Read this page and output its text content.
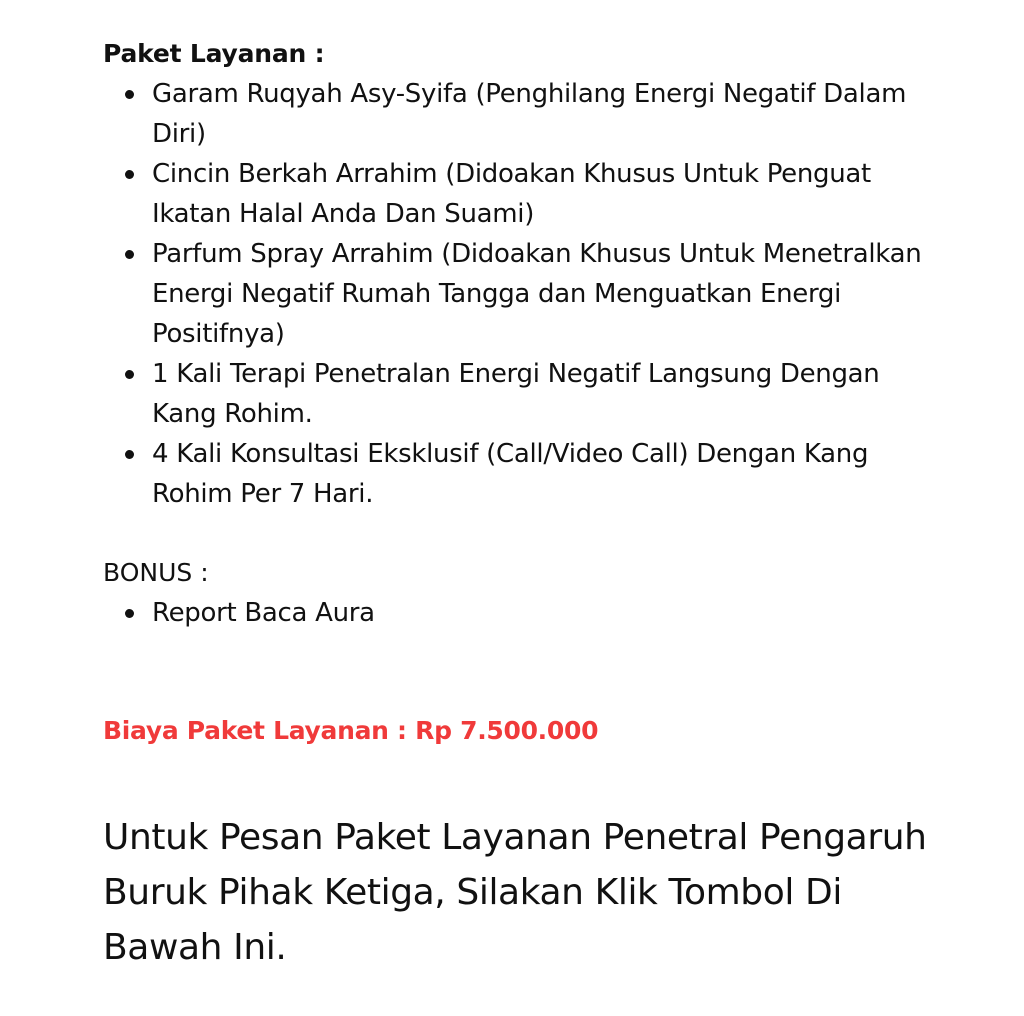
Paket Layanan :

Garam Ruqyah Asy-Syifa (Penghilang Energi Negatif Dalam Diri)
Cincin Berkah Arrahim (Didoakan Khusus Untuk Penguat Ikatan Halal Anda Dan Suami)
Parfum Spray Arrahim (Didoakan Khusus Untuk Menetralkan Energi Negatif Rumah Tangga dan Menguatkan Energi Positifnya)
1 Kali Terapi Penetralan Energi Negatif Langsung Dengan Kang Rohim.
4 Kali Konsultasi Eksklusif (Call/Video Call) Dengan Kang Rohim Per 7 Hari.

BONUS :

Report Baca Aura

Biaya Paket Layanan : Rp 7.500.000

Untuk Pesan Paket Layanan Penetral Pengaruh Buruk Pihak Ketiga, Silakan Klik Tombol Di Bawah Ini.
